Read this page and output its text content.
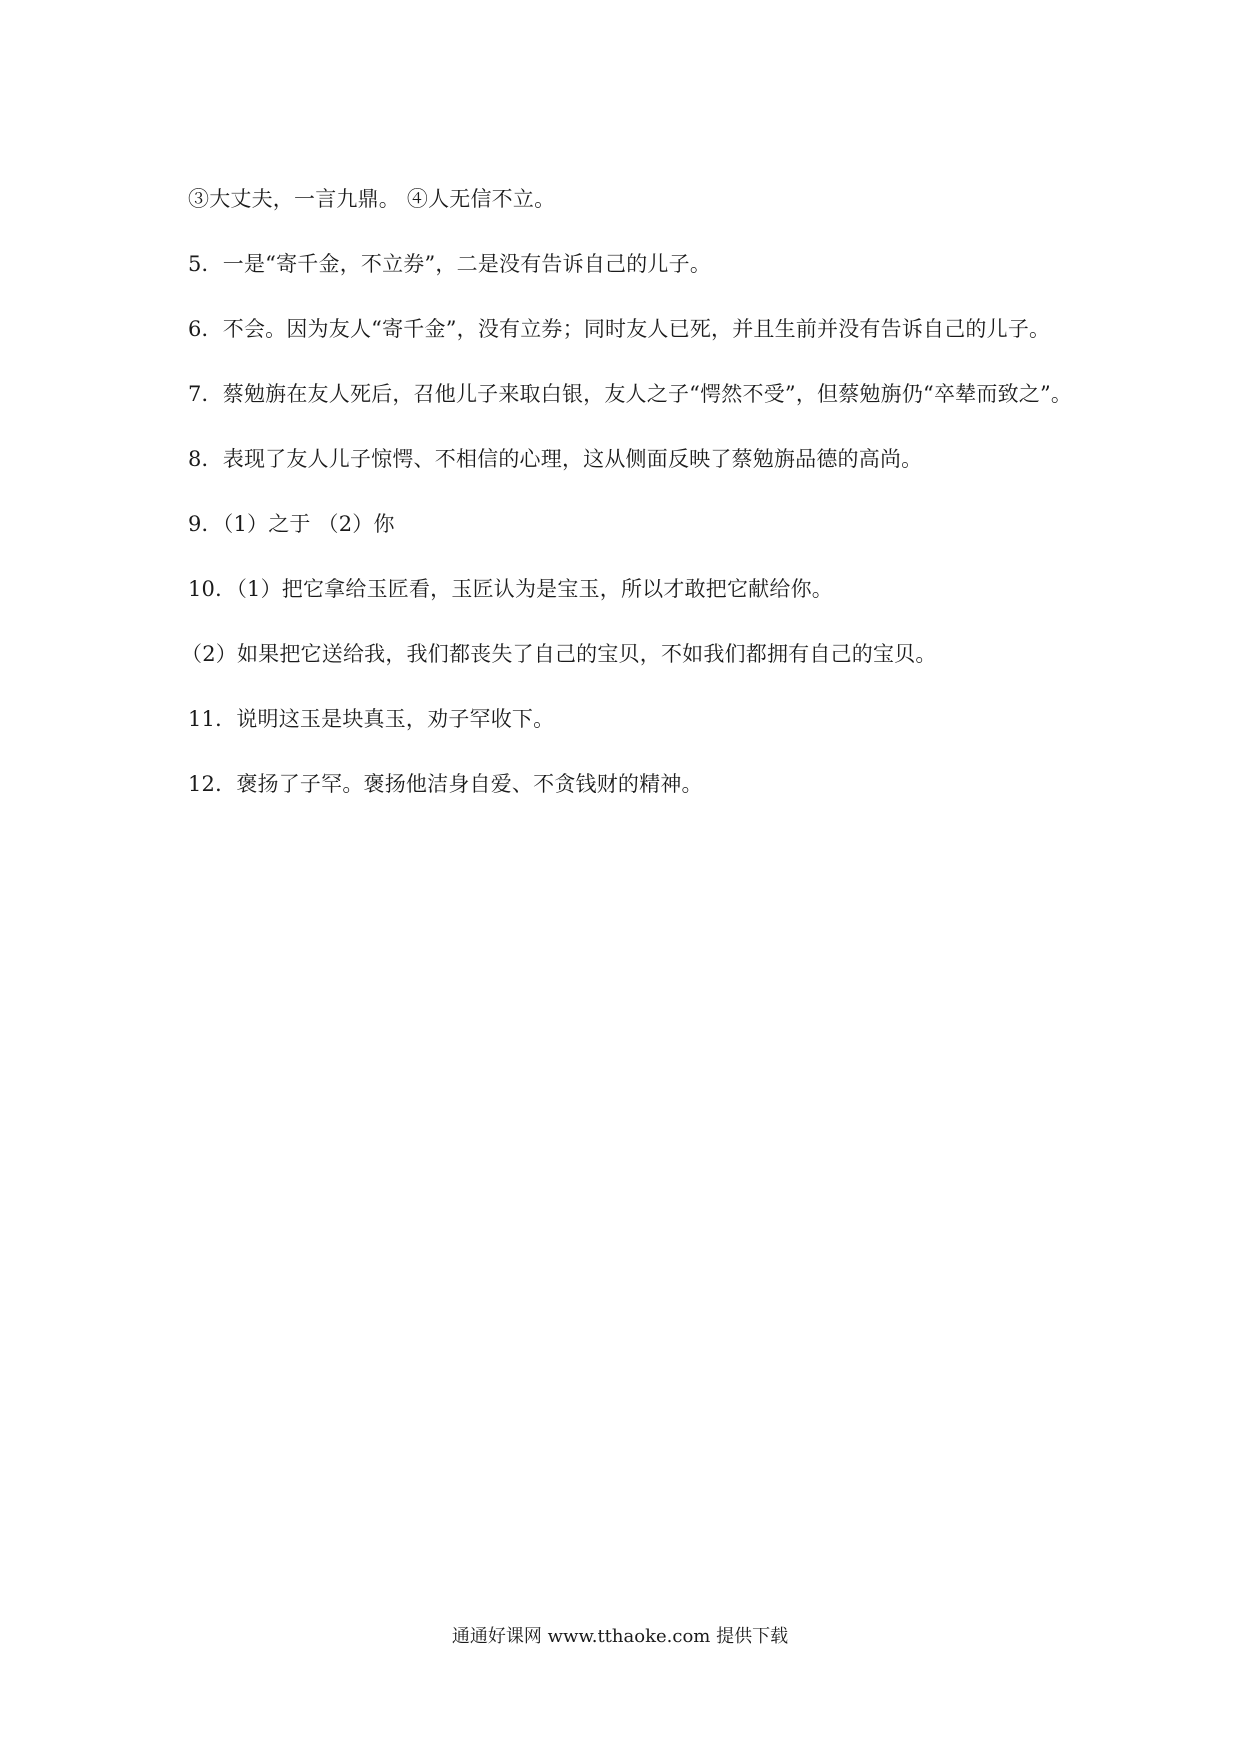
③大丈夫，一言九鼎。 ④人无信不立。

5．一是“寄千金，不立券”，二是没有告诉自己的儿子。

6．不会。因为友人“寄千金”，没有立券；同时友人已死，并且生前并没有告诉自己的儿子。

7．蔡勉旃在友人死后，召他儿子来取白银，友人之子“愕然不受”，但蔡勉旃仍“卒辇而致之”。

8．表现了友人儿子惊愕、不相信的心理，这从侧面反映了蔡勉旃品德的高尚。

9．（1）之于 （2）你

10．（1）把它拿给玉匠看，玉匠认为是宝玉，所以才敢把它献给你。

（2）如果把它送给我，我们都丧失了自己的宝贝，不如我们都拥有自己的宝贝。

11．说明这玉是块真玉，劝子罕收下。

12．褒扬了子罕。褒扬他洁身自爱、不贪钱财的精神。

通通好课网 www.tthaoke.com 提供下载
